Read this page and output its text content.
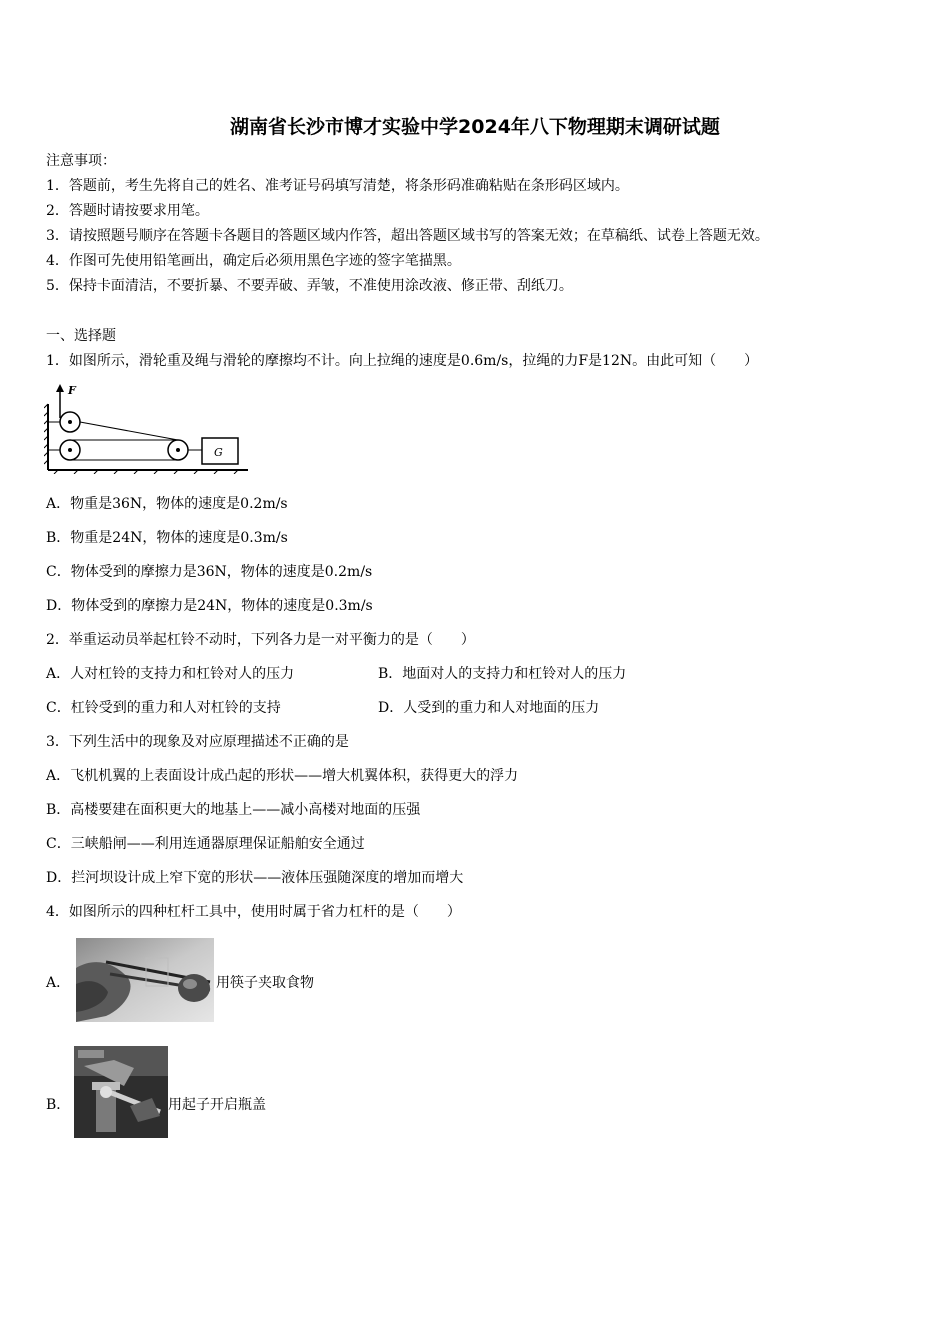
湖南省长沙市博才实验中学2024年八下物理期末调研试题
注意事项：
1．答题前，考生先将自己的姓名、准考证号码填写清楚，将条形码准确粘贴在条形码区域内。
2．答题时请按要求用笔。
3．请按照题号顺序在答题卡各题目的答题区域内作答，超出答题区域书写的答案无效；在草稿纸、试卷上答题无效。
4．作图可先使用铅笔画出，确定后必须用黑色字迹的签字笔描黑。
5．保持卡面清洁，不要折暴、不要弄破、弄皱，不准使用涂改液、修正带、刮纸刀。
一、选择题
1．如图所示，滑轮重及绳与滑轮的摩擦均不计。向上拉绳的速度是0.6m/s，拉绳的力F是12N。由此可知（　　）
F
G
A．物重是36N，物体的速度是0.2m/s
B．物重是24N，物体的速度是0.3m/s
C．物体受到的摩擦力是36N，物体的速度是0.2m/s
D．物体受到的摩擦力是24N，物体的速度是0.3m/s
2．举重运动员举起杠铃不动时，下列各力是一对平衡力的是（　　）
A．人对杠铃的支持力和杠铃对人的压力	B．地面对人的支持力和杠铃对人的压力
C．杠铃受到的重力和人对杠铃的支持	D．人受到的重力和人对地面的压力
3．下列生活中的现象及对应原理描述不正确的是
A．飞机机翼的上表面设计成凸起的形状——增大机翼体积，获得更大的浮力
B．高楼要建在面积更大的地基上——减小高楼对地面的压强
C．三峡船闸——利用连通器原理保证船舶安全通过
D．拦河坝设计成上窄下宽的形状——液体压强随深度的增加而增大
4．如图所示的四种杠杆工具中，使用时属于省力杠杆的是（　　）
A．	用筷子夹取食物
B．	用起子开启瓶盖
